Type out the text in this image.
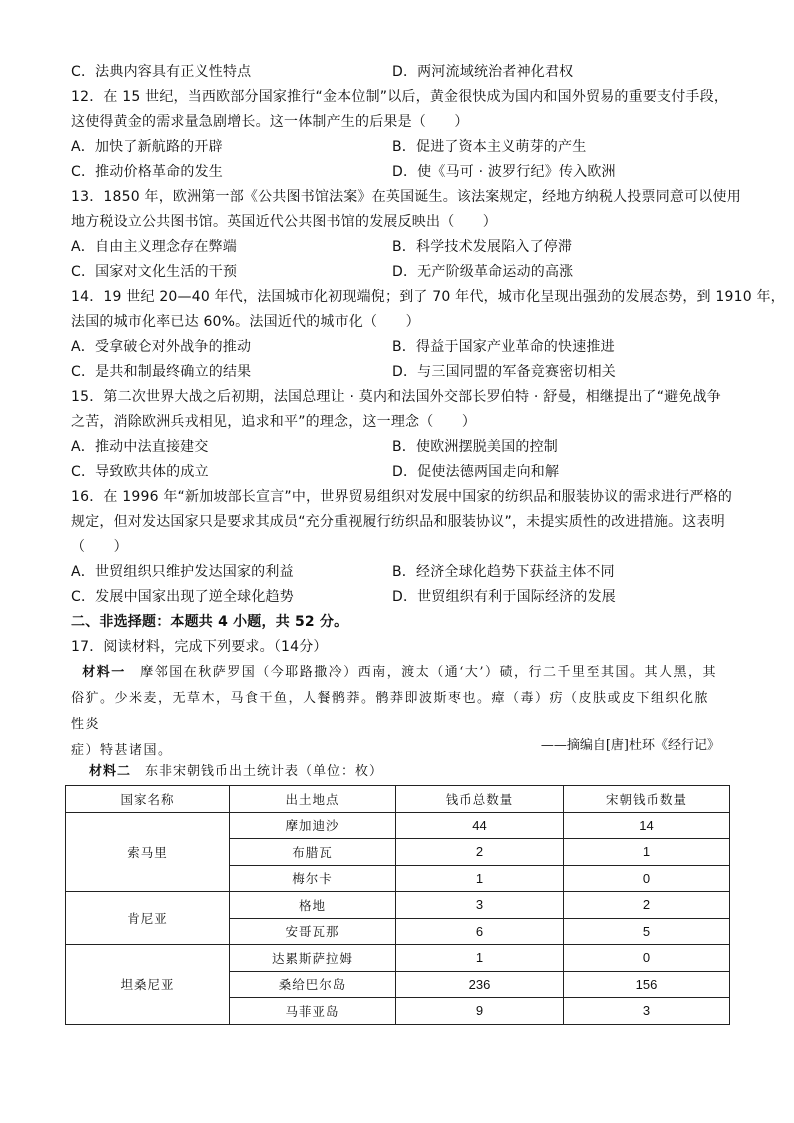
C．法典内容具有正义性特点	D．两河流域统治者神化君权
12．在 15 世纪，当西欧部分国家推行“金本位制”以后，黄金很快成为国内和国外贸易的重要支付手段，
这使得黄金的需求量急剧增长。这一体制产生的后果是（　　）
A．加快了新航路的开辟	B．促进了资本主义萌芽的产生
C．推动价格革命的发生	D．使《马可 · 波罗行纪》传入欧洲
13．1850 年，欧洲第一部《公共图书馆法案》在英国诞生。该法案规定，经地方纳税人投票同意可以使用
地方税设立公共图书馆。英国近代公共图书馆的发展反映出（　　）
A．自由主义理念存在弊端	B．科学技术发展陷入了停滞
C．国家对文化生活的干预	D．无产阶级革命运动的高涨
14．19 世纪 20—40 年代，法国城市化初现端倪；到了 70 年代，城市化呈现出强劲的发展态势，到 1910 年，
法国的城市化率已达 60%。法国近代的城市化（　　）
A．受拿破仑对外战争的推动	B．得益于国家产业革命的快速推进
C．是共和制最终确立的结果	D．与三国同盟的军备竞赛密切相关
15．第二次世界大战之后初期，法国总理让 · 莫内和法国外交部长罗伯特 · 舒曼，相继提出了“避免战争
之苦，消除欧洲兵戎相见，追求和平”的理念，这一理念（　　）
A．推动中法直接建交	B．使欧洲摆脱美国的控制
C．导致欧共体的成立	D．促使法德两国走向和解
16．在 1996 年“新加坡部长宣言”中，世界贸易组织对发展中国家的纺织品和服装协议的需求进行严格的
规定，但对发达国家只是要求其成员“充分重视履行纺织品和服装协议”，未提实质性的改进措施。这表明
（　　）
A．世贸组织只维护发达国家的利益	B．经济全球化趋势下获益主体不同
C．发展中国家出现了逆全球化趋势	D．世贸组织有利于国际经济的发展
二、非选择题：本题共 4 小题，共 52 分。
17．阅读材料，完成下列要求。（14分）
材料一　摩邻国在秋萨罗国（今耶路撒冷）西南，渡太（通‘大’）碛，行二千里至其国。其人黑，其
俗犷。少米麦，无草木，马食干鱼，人餐鹘莽。鹘莽即波斯枣也。瘴（毒）疠（皮肤或皮下组织化脓性炎
症）特甚诸国。	——摘编自[唐]杜环《经行记》
材料二　东非宋朝钱币出土统计表（单位：枚）
国家名称	出土地点	钱币总数量	宋朝钱币数量
索马里	摩加迪沙	44	14
	布腊瓦	2	1
	梅尔卡	1	0
肯尼亚	格地	3	2
	安哥瓦那	6	5
坦桑尼亚	达累斯萨拉姆	1	0
	桑给巴尔岛	236	156
	马菲亚岛	9	3
